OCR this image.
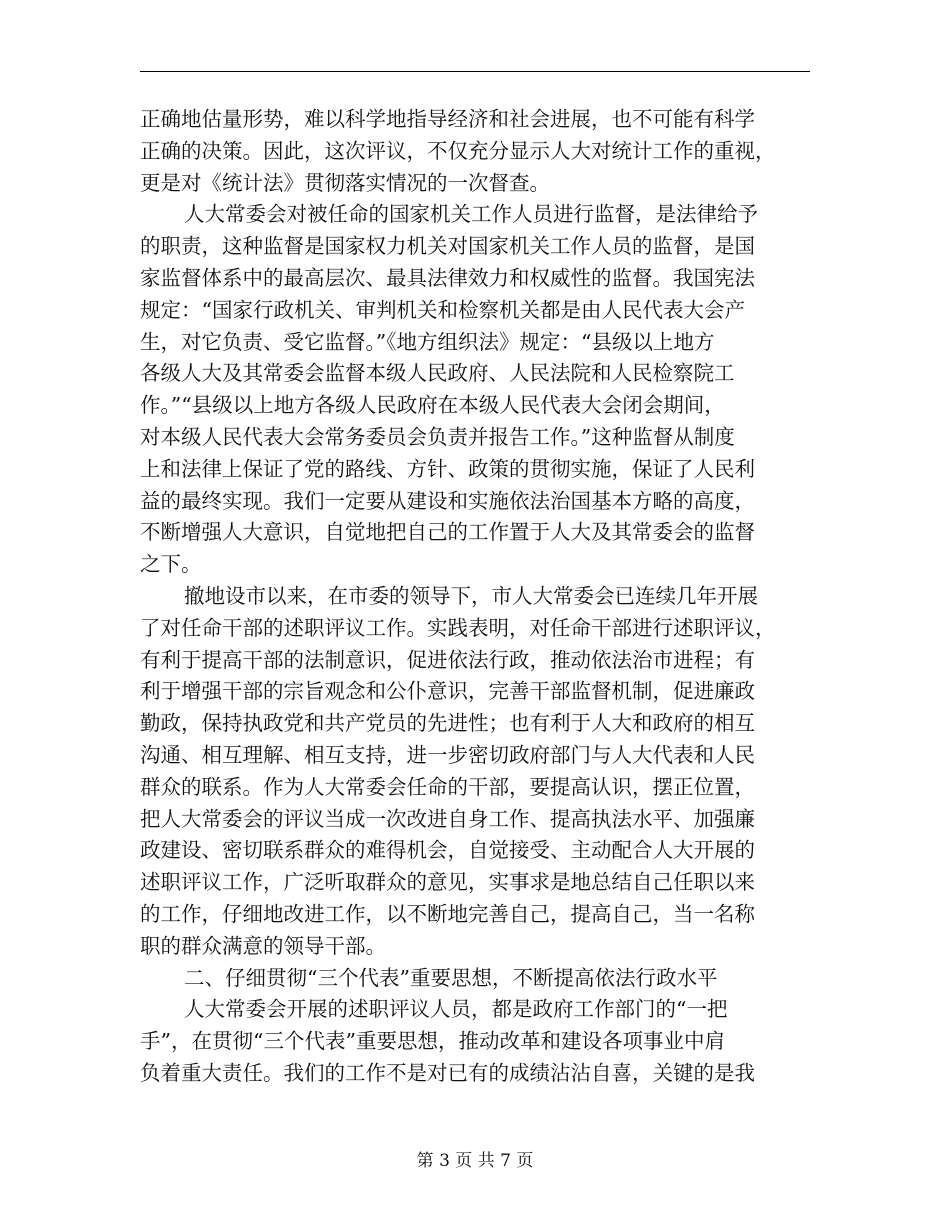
正确地估量形势，难以科学地指导经济和社会进展，也不可能有科学
正确的决策。因此，这次评议，不仅充分显示人大对统计工作的重视，
更是对《统计法》贯彻落实情况的一次督查。
人大常委会对被任命的国家机关工作人员进行监督，是法律给予
的职责，这种监督是国家权力机关对国家机关工作人员的监督，是国
家监督体系中的最高层次、最具法律效力和权威性的监督。我国宪法
规定：“国家行政机关、审判机关和检察机关都是由人民代表大会产
生，对它负责、受它监督。”《地方组织法》规定：“县级以上地方
各级人大及其常委会监督本级人民政府、人民法院和人民检察院工
作。”“县级以上地方各级人民政府在本级人民代表大会闭会期间，
对本级人民代表大会常务委员会负责并报告工作。”这种监督从制度
上和法律上保证了党的路线、方针、政策的贯彻实施，保证了人民利
益的最终实现。我们一定要从建设和实施依法治国基本方略的高度，
不断增强人大意识，自觉地把自己的工作置于人大及其常委会的监督
之下。
撤地设市以来，在市委的领导下，市人大常委会已连续几年开展
了对任命干部的述职评议工作。实践表明，对任命干部进行述职评议，
有利于提高干部的法制意识，促进依法行政，推动依法治市进程；有
利于增强干部的宗旨观念和公仆意识，完善干部监督机制，促进廉政
勤政，保持执政党和共产党员的先进性；也有利于人大和政府的相互
沟通、相互理解、相互支持，进一步密切政府部门与人大代表和人民
群众的联系。作为人大常委会任命的干部，要提高认识，摆正位置，
把人大常委会的评议当成一次改进自身工作、提高执法水平、加强廉
政建设、密切联系群众的难得机会，自觉接受、主动配合人大开展的
述职评议工作，广泛听取群众的意见，实事求是地总结自己任职以来
的工作，仔细地改进工作，以不断地完善自己，提高自己，当一名称
职的群众满意的领导干部。
二、仔细贯彻“三个代表”重要思想，不断提高依法行政水平
人大常委会开展的述职评议人员，都是政府工作部门的“一把
手”，在贯彻“三个代表”重要思想，推动改革和建设各项事业中肩
负着重大责任。我们的工作不是对已有的成绩沾沾自喜，关键的是我
第 3 页 共 7 页
